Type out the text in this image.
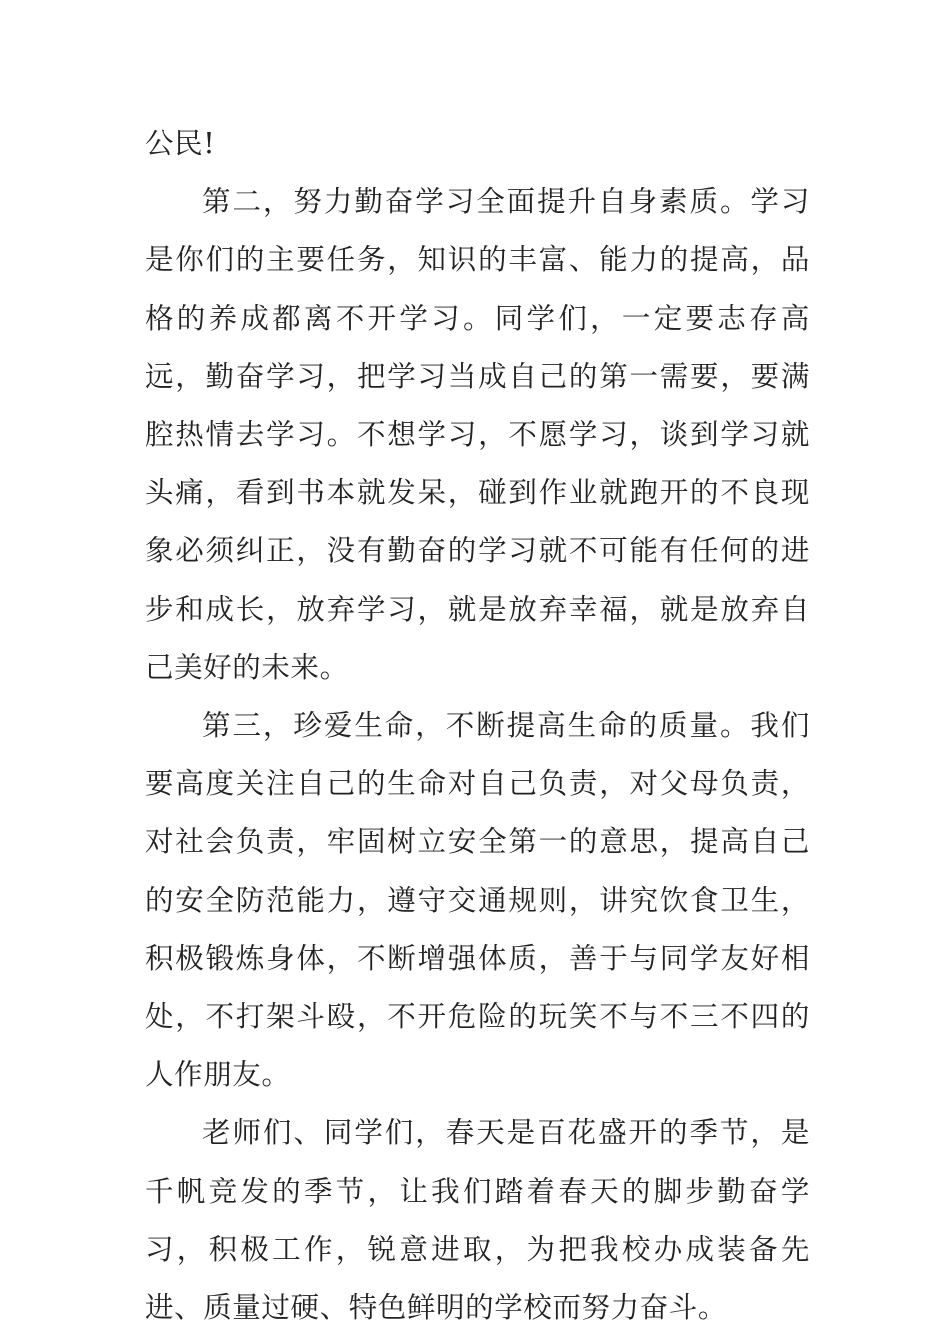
公民!

第二，努力勤奋学习全面提升自身素质。学习是你们的主要任务，知识的丰富、能力的提高，品格的养成都离不开学习。同学们，一定要志存高远，勤奋学习，把学习当成自己的第一需要，要满腔热情去学习。不想学习，不愿学习，谈到学习就头痛，看到书本就发呆，碰到作业就跑开的不良现象必须纠正，没有勤奋的学习就不可能有任何的进步和成长，放弃学习，就是放弃幸福，就是放弃自己美好的未来。

第三，珍爱生命，不断提高生命的质量。我们要高度关注自己的生命对自己负责，对父母负责，对社会负责，牢固树立安全第一的意思，提高自己的安全防范能力，遵守交通规则，讲究饮食卫生，积极锻炼身体，不断增强体质，善于与同学友好相处，不打架斗殴，不开危险的玩笑不与不三不四的人作朋友。

老师们、同学们，春天是百花盛开的季节，是千帆竞发的季节，让我们踏着春天的脚步勤奋学习，积极工作，锐意进取，为把我校办成装备先进、质量过硬、特色鲜明的学校而努力奋斗。
